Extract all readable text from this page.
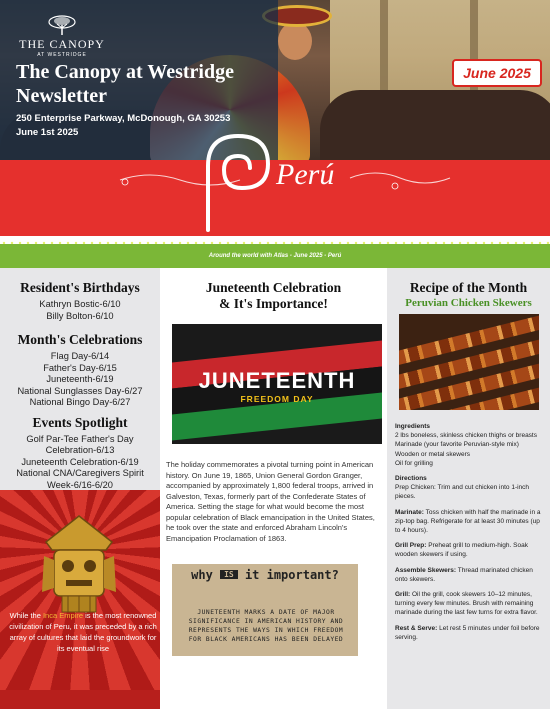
THE CANOPY
AT WESTRIDGE
The Canopy at Westridge Newsletter
250 Enterprise Parkway, McDonough, GA 30253
June 1st 2025
June 2025
Perú
Around the world with Atlas - June 2025 - Perú
Resident's Birthdays
Kathryn Bostic-6/10
Billy Bolton-6/10
Month's Celebrations
Flag Day-6/14
Father's Day-6/15
Juneteenth-6/19
National Sunglasses Day-6/27
National Bingo Day-6/27
Events Spotlight
Golf Par-Tee Father's Day
Celebration-6/13
Juneteenth Celebration-6/19
National CNA/Caregivers Spirit
Week-6/16-6/20
While the Inca Empire is the most renowned civilization of Peru, it was preceded by a rich array of cultures that laid the groundwork for its eventual rise
Juneteenth Celebration
& It's Importance!
JUNETEENTH
FREEDOM DAY
The holiday commemorates a pivotal turning point in American history. On June 19, 1865, Union General Gordon Granger, accompanied by approximately 1,800 federal troops, arrived in Galveston, Texas, formerly part of the Confederate States of America. Setting the stage for what would become the most popular celebration of Black emancipation in the United States, he took over the state and enforced Abraham Lincoln's Emancipation Proclamation of 1863.
why IS it important?
JUNETEENTH MARKS A DATE OF MAJOR SIGNIFICANCE IN AMERICAN HISTORY AND REPRESENTS THE WAYS IN WHICH FREEDOM FOR BLACK AMERICANS HAS BEEN DELAYED
Recipe of the Month
Peruvian Chicken Skewers

Ingredients
2 lbs boneless, skinless chicken thighs or breasts
Marinade (your favorite Peruvian-style mix)
Wooden or metal skewers
Oil for grilling

Directions
Prep Chicken: Trim and cut chicken into 1-inch pieces.

Marinate: Toss chicken with half the marinade in a zip-top bag. Refrigerate for at least 30 minutes (up to 4 hours).

Grill Prep: Preheat grill to medium-high. Soak wooden skewers if using.

Assemble Skewers: Thread marinated chicken onto skewers.

Grill: Oil the grill, cook skewers 10–12 minutes, turning every few minutes. Brush with remaining marinade during the last few turns for extra flavor.

Rest & Serve: Let rest 5 minutes under foil before serving.
